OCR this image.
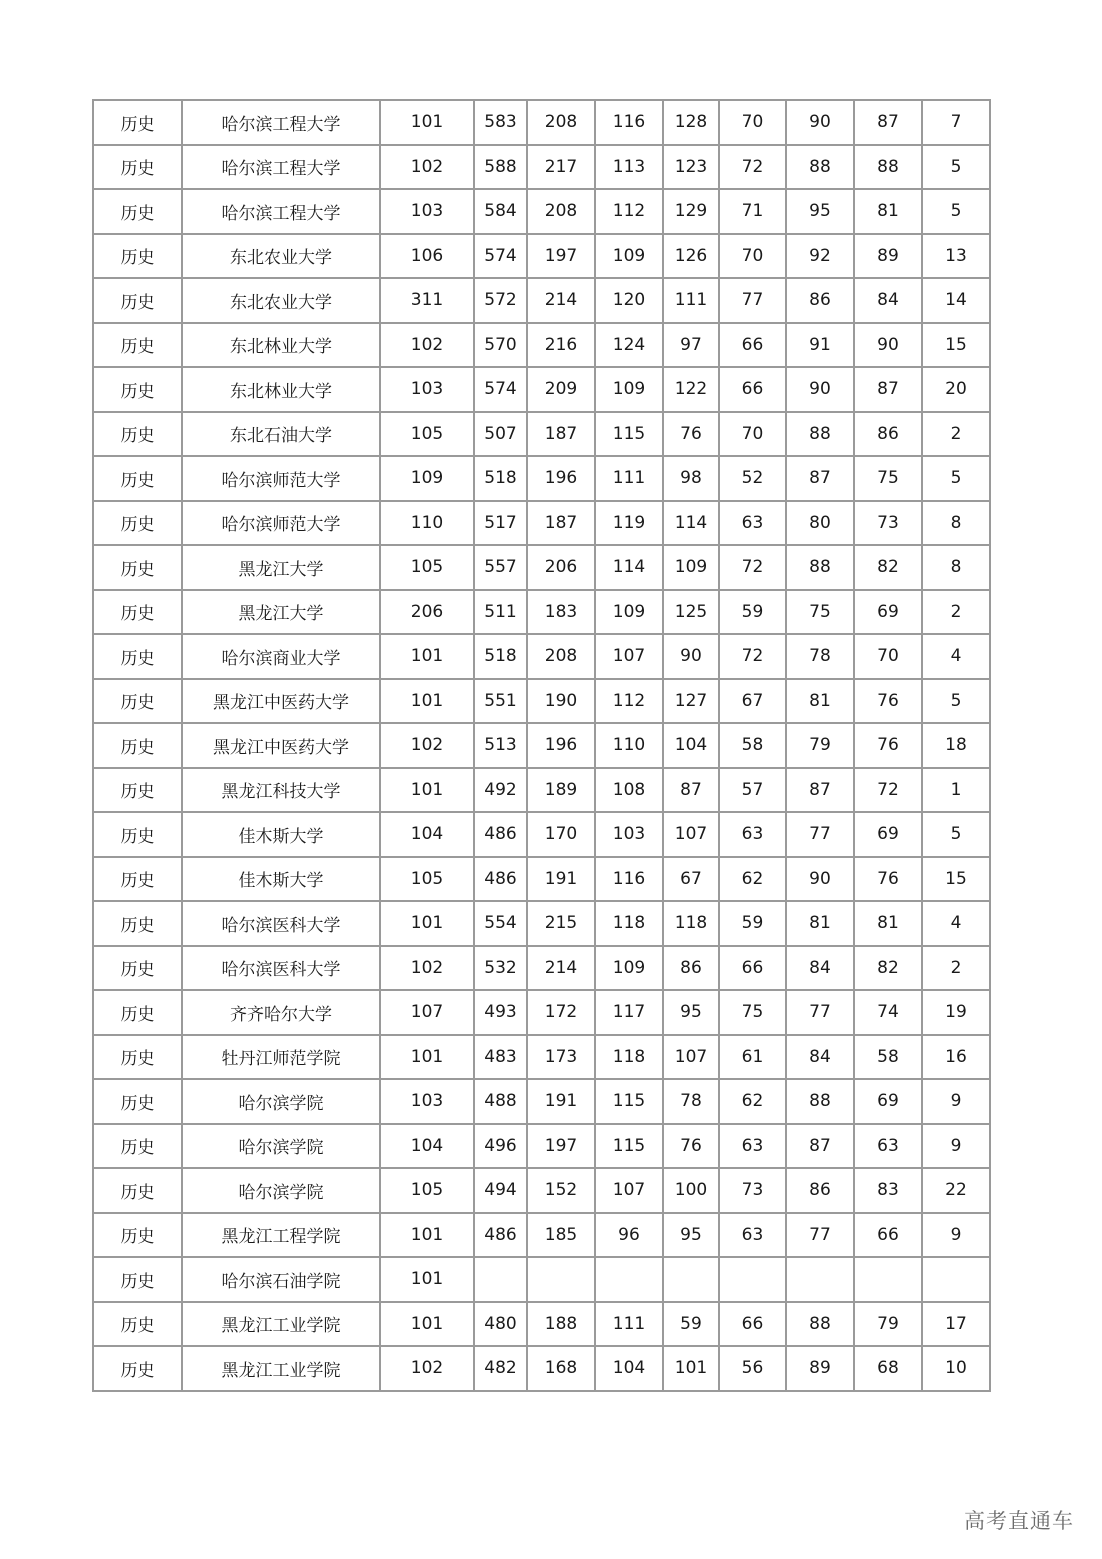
历史	哈尔滨工程大学	101	583	208	116	128	70	90	87	7
历史	哈尔滨工程大学	102	588	217	113	123	72	88	88	5
历史	哈尔滨工程大学	103	584	208	112	129	71	95	81	5
历史	东北农业大学	106	574	197	109	126	70	92	89	13
历史	东北农业大学	311	572	214	120	111	77	86	84	14
历史	东北林业大学	102	570	216	124	97	66	91	90	15
历史	东北林业大学	103	574	209	109	122	66	90	87	20
历史	东北石油大学	105	507	187	115	76	70	88	86	2
历史	哈尔滨师范大学	109	518	196	111	98	52	87	75	5
历史	哈尔滨师范大学	110	517	187	119	114	63	80	73	8
历史	黑龙江大学	105	557	206	114	109	72	88	82	8
历史	黑龙江大学	206	511	183	109	125	59	75	69	2
历史	哈尔滨商业大学	101	518	208	107	90	72	78	70	4
历史	黑龙江中医药大学	101	551	190	112	127	67	81	76	5
历史	黑龙江中医药大学	102	513	196	110	104	58	79	76	18
历史	黑龙江科技大学	101	492	189	108	87	57	87	72	1
历史	佳木斯大学	104	486	170	103	107	63	77	69	5
历史	佳木斯大学	105	486	191	116	67	62	90	76	15
历史	哈尔滨医科大学	101	554	215	118	118	59	81	81	4
历史	哈尔滨医科大学	102	532	214	109	86	66	84	82	2
历史	齐齐哈尔大学	107	493	172	117	95	75	77	74	19
历史	牡丹江师范学院	101	483	173	118	107	61	84	58	16
历史	哈尔滨学院	103	488	191	115	78	62	88	69	9
历史	哈尔滨学院	104	496	197	115	76	63	87	63	9
历史	哈尔滨学院	105	494	152	107	100	73	86	83	22
历史	黑龙江工程学院	101	486	185	96	95	63	77	66	9
历史	哈尔滨石油学院	101								
历史	黑龙江工业学院	101	480	188	111	59	66	88	79	17
历史	黑龙江工业学院	102	482	168	104	101	56	89	68	10
高考直通车
